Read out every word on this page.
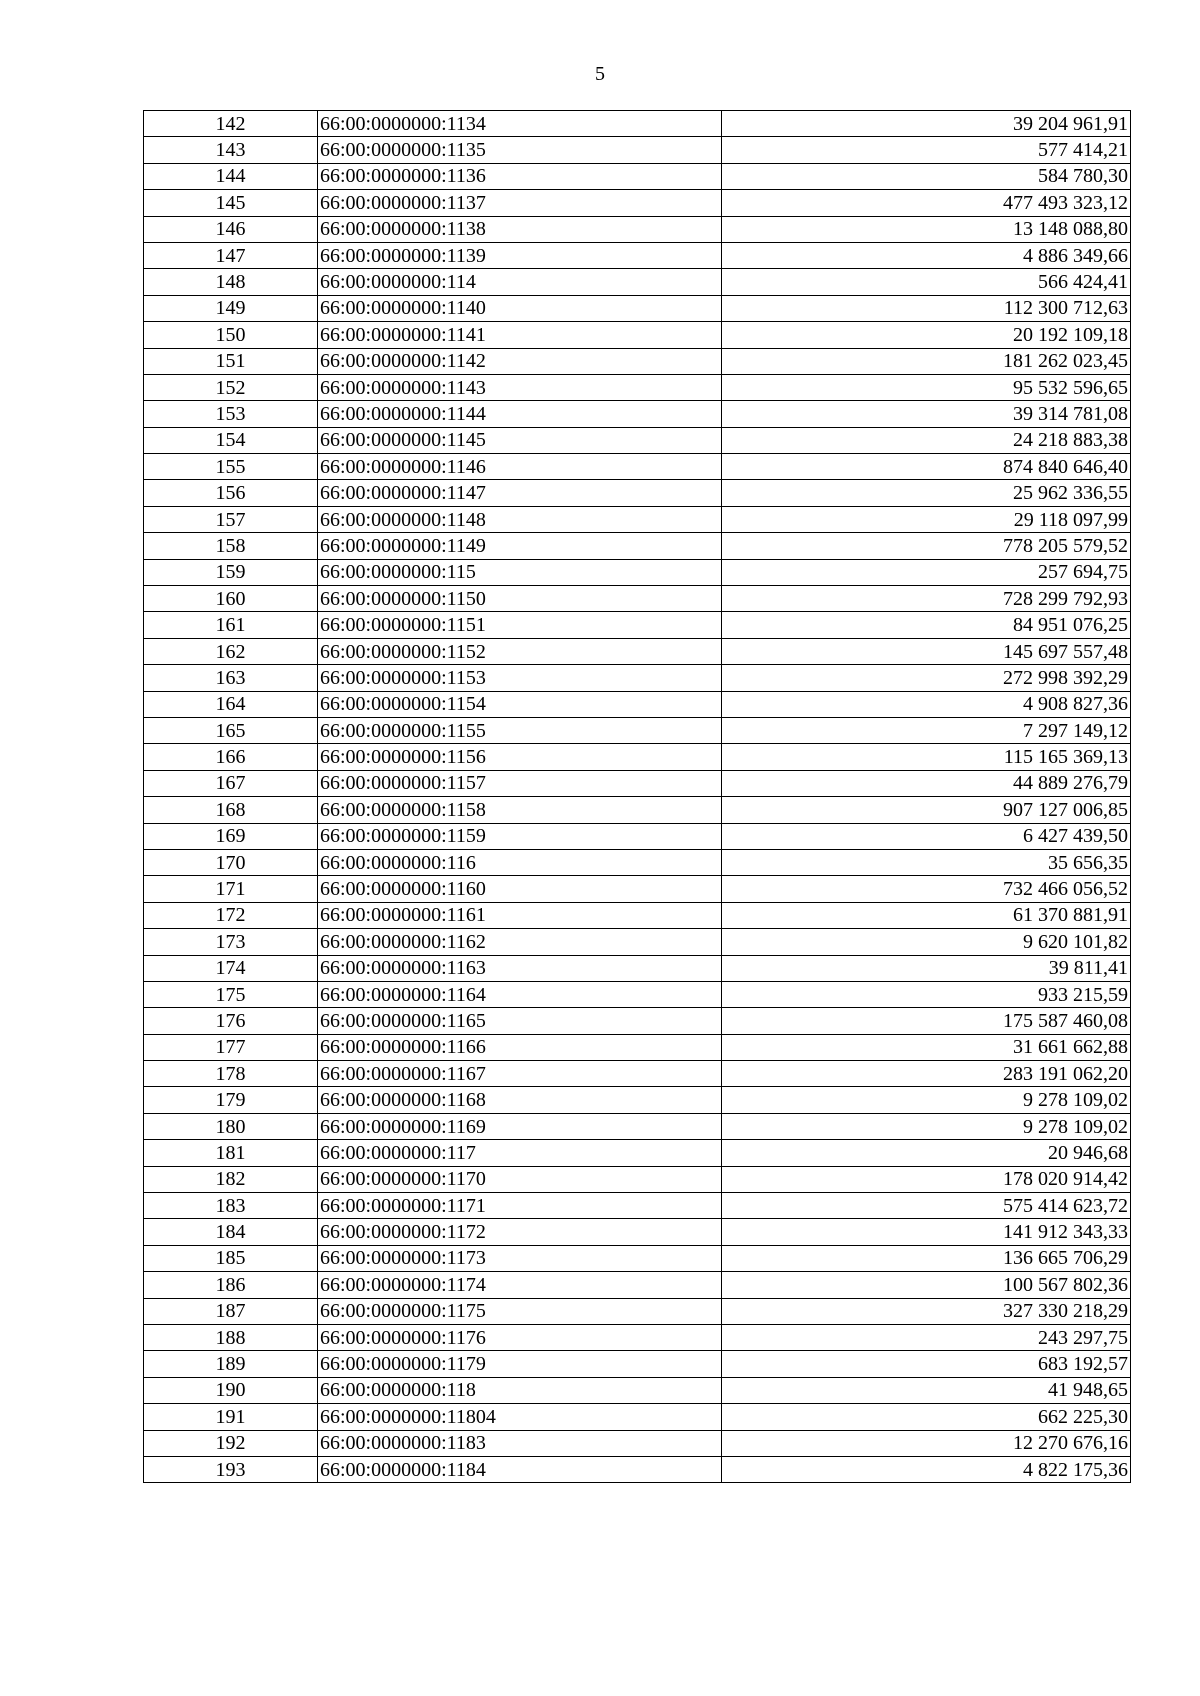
5
142	66:00:0000000:1134	39 204 961,91
143	66:00:0000000:1135	577 414,21
144	66:00:0000000:1136	584 780,30
145	66:00:0000000:1137	477 493 323,12
146	66:00:0000000:1138	13 148 088,80
147	66:00:0000000:1139	4 886 349,66
148	66:00:0000000:114	566 424,41
149	66:00:0000000:1140	112 300 712,63
150	66:00:0000000:1141	20 192 109,18
151	66:00:0000000:1142	181 262 023,45
152	66:00:0000000:1143	95 532 596,65
153	66:00:0000000:1144	39 314 781,08
154	66:00:0000000:1145	24 218 883,38
155	66:00:0000000:1146	874 840 646,40
156	66:00:0000000:1147	25 962 336,55
157	66:00:0000000:1148	29 118 097,99
158	66:00:0000000:1149	778 205 579,52
159	66:00:0000000:115	257 694,75
160	66:00:0000000:1150	728 299 792,93
161	66:00:0000000:1151	84 951 076,25
162	66:00:0000000:1152	145 697 557,48
163	66:00:0000000:1153	272 998 392,29
164	66:00:0000000:1154	4 908 827,36
165	66:00:0000000:1155	7 297 149,12
166	66:00:0000000:1156	115 165 369,13
167	66:00:0000000:1157	44 889 276,79
168	66:00:0000000:1158	907 127 006,85
169	66:00:0000000:1159	6 427 439,50
170	66:00:0000000:116	35 656,35
171	66:00:0000000:1160	732 466 056,52
172	66:00:0000000:1161	61 370 881,91
173	66:00:0000000:1162	9 620 101,82
174	66:00:0000000:1163	39 811,41
175	66:00:0000000:1164	933 215,59
176	66:00:0000000:1165	175 587 460,08
177	66:00:0000000:1166	31 661 662,88
178	66:00:0000000:1167	283 191 062,20
179	66:00:0000000:1168	9 278 109,02
180	66:00:0000000:1169	9 278 109,02
181	66:00:0000000:117	20 946,68
182	66:00:0000000:1170	178 020 914,42
183	66:00:0000000:1171	575 414 623,72
184	66:00:0000000:1172	141 912 343,33
185	66:00:0000000:1173	136 665 706,29
186	66:00:0000000:1174	100 567 802,36
187	66:00:0000000:1175	327 330 218,29
188	66:00:0000000:1176	243 297,75
189	66:00:0000000:1179	683 192,57
190	66:00:0000000:118	41 948,65
191	66:00:0000000:11804	662 225,30
192	66:00:0000000:1183	12 270 676,16
193	66:00:0000000:1184	4 822 175,36
